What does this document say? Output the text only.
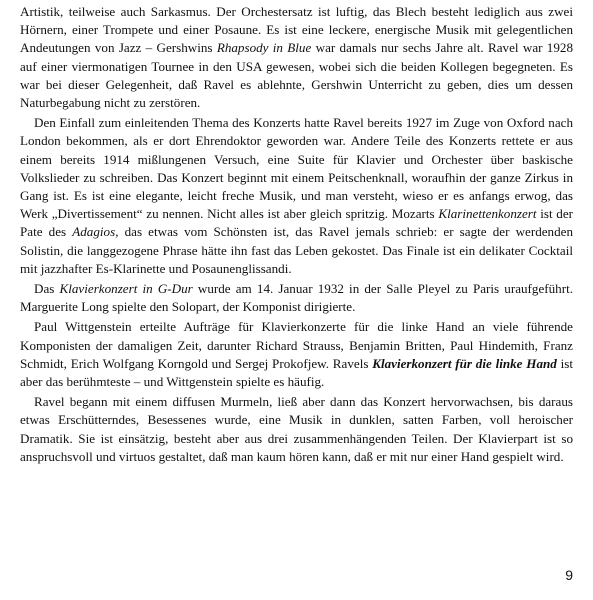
Artistik, teilweise auch Sarkasmus. Der Orchestersatz ist luftig, das Blech besteht lediglich aus zwei Hörnern, einer Trompete und einer Posaune. Es ist eine leckere, energische Musik mit gelegentlichen Andeutungen von Jazz – Gershwins Rhapsody in Blue war damals nur sechs Jahre alt. Ravel war 1928 auf einer viermonatigen Tournee in den USA gewesen, wobei sich die beiden Kollegen begegneten. Es war bei dieser Gelegenheit, daß Ravel es ablehnte, Gershwin Unterricht zu geben, dies um dessen Naturbegabung nicht zu zerstören.

Den Einfall zum einleitenden Thema des Konzerts hatte Ravel bereits 1927 im Zuge von Oxford nach London bekommen, als er dort Ehrendoktor geworden war. Andere Teile des Konzerts rettete er aus einem bereits 1914 mißlungenen Versuch, eine Suite für Klavier und Orchester über baskische Volkslieder zu schreiben. Das Konzert beginnt mit einem Peitschenknall, woraufhin der ganze Zirkus in Gang ist. Es ist eine elegante, leicht freche Musik, und man versteht, wieso er es anfangs erwog, das Werk „Divertissement“ zu nennen. Nicht alles ist aber gleich spritzig. Mozarts Klarinettenkonzert ist der Pate des Adagios, das etwas vom Schönsten ist, das Ravel jemals schrieb: er sagte der werdenden Solistin, die langgezogene Phrase hätte ihn fast das Leben gekostet. Das Finale ist ein delikater Cocktail mit jazzhafter Es-Klarinette und Posaunenglissandi.

Das Klavierkonzert in G-Dur wurde am 14. Januar 1932 in der Salle Pleyel zu Paris uraufgeführt. Marguerite Long spielte den Solopart, der Komponist dirigierte.

Paul Wittgenstein erteilte Aufträge für Klavierkonzerte für die linke Hand an viele führende Komponisten der damaligen Zeit, darunter Richard Strauss, Benjamin Britten, Paul Hindemith, Franz Schmidt, Erich Wolfgang Korngold und Sergej Prokofjew. Ravels Klavierkonzert für die linke Hand ist aber das berühmteste – und Wittgenstein spielte es häufig.

Ravel begann mit einem diffusen Murmeln, ließ aber dann das Konzert hervorwachsen, bis daraus etwas Erschütterndes, Besessenes wurde, eine Musik in dunklen, satten Farben, voll heroischer Dramatik. Sie ist einsätzig, besteht aber aus drei zusammenhängenden Teilen. Der Klavierpart ist so anspruchsvoll und virtuos gestaltet, daß man kaum hören kann, daß er mit nur einer Hand gespielt wird.

9
